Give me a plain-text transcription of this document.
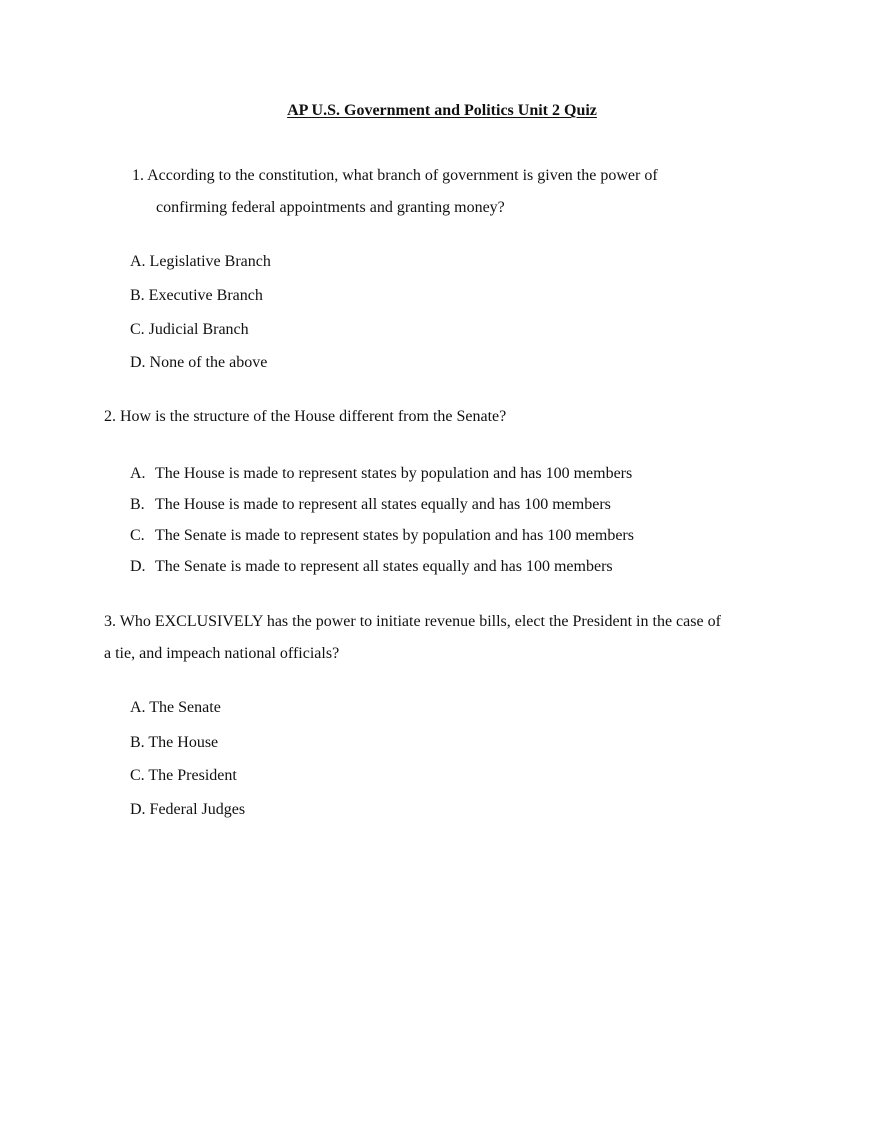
AP U.S. Government and Politics Unit 2 Quiz
1. According to the constitution, what branch of government is given the power of
confirming federal appointments and granting money?
A. Legislative Branch
B. Executive Branch
C. Judicial Branch
D. None of the above
2. How is the structure of the House different from the Senate?
A. The House is made to represent states by population and has 100 members
B. The House is made to represent all states equally and has 100 members
C. The Senate is made to represent states by population and has 100 members
D. The Senate is made to represent all states equally and has 100 members
3. Who EXCLUSIVELY has the power to initiate revenue bills, elect the President in the case of
a tie, and impeach national officials?
A. The Senate
B. The House
C. The President
D. Federal Judges
